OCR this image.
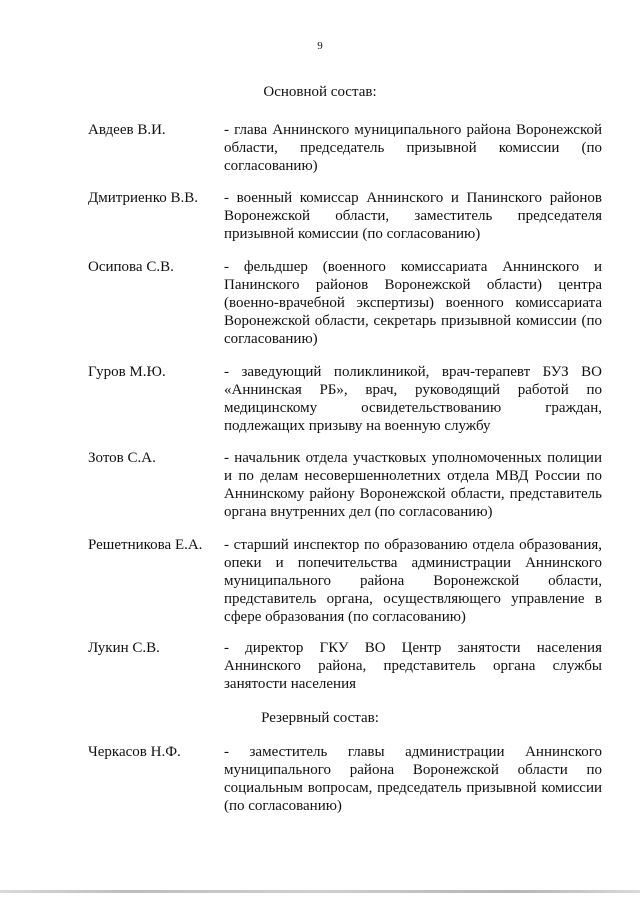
9
Основной состав:
Авдеев В.И.	- глава Аннинского муниципального района Воронежской области, председатель призывной комиссии (по согласованию)
Дмитриенко В.В. - военный комиссар Аннинского и Панинского районов Воронежской области, заместитель председателя призывной комиссии (по согласованию)
Осипова С.В.	- фельдшер (военного комиссариата Аннинского и Панинского районов Воронежской области) центра (военно-врачебной экспертизы) военного комиссариата Воронежской области, секретарь призывной комиссии (по согласованию)
Гуров М.Ю.	- заведующий поликлиникой, врач-терапевт БУЗ ВО «Аннинская РБ», врач, руководящий работой по медицинскому освидетельствованию граждан, подлежащих призыву на военную службу
Зотов С.А.	- начальник отдела участковых уполномоченных полиции и по делам несовершеннолетних отдела МВД России по Аннинскому району Воронежской области, представитель органа внутренних дел (по согласованию)
Решетникова Е.А. - старший инспектор по образованию отдела образования, опеки и попечительства администрации Аннинского муниципального района Воронежской области, представитель органа, осуществляющего управление в сфере образования (по согласованию)
Лукин С.В.	- директор ГКУ ВО Центр занятости населения Аннинского района, представитель органа службы занятости населения
Резервный состав:
Черкасов Н.Ф.	- заместитель главы администрации Аннинского муниципального района Воронежской области по социальным вопросам, председатель призывной комиссии (по согласованию)
